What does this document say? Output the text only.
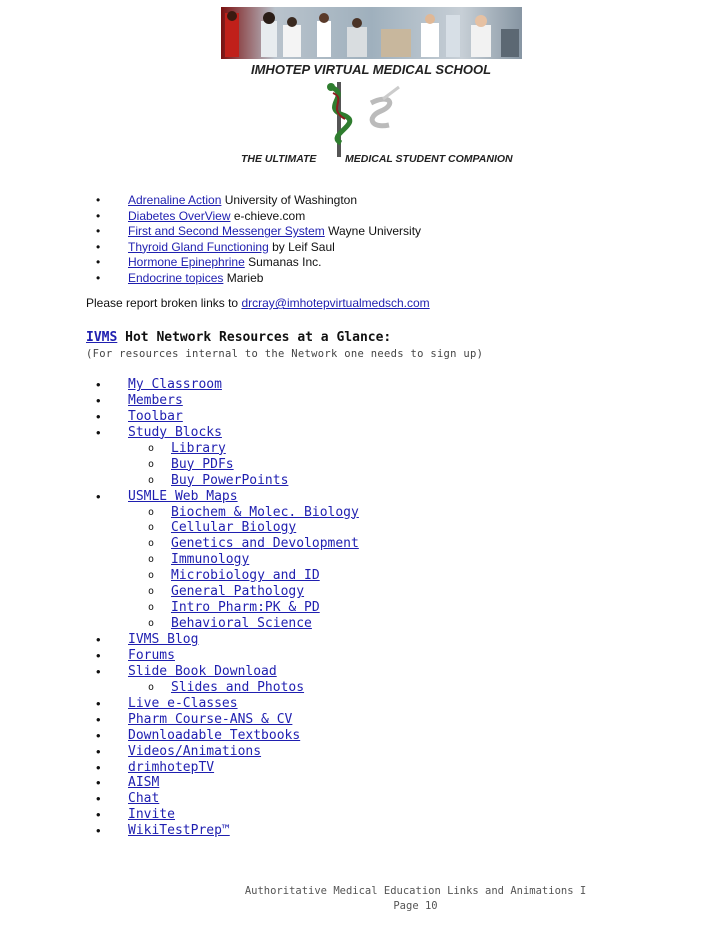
IMHOTEP VIRTUAL MEDICAL SCHOOL
THE ULTIMATE	MEDICAL STUDENT COMPANION
• Adrenaline Action University of Washington
• Diabetes OverView e-chieve.com
• First and Second Messenger System Wayne University
• Thyroid Gland Functioning by Leif Saul
• Hormone Epinephrine Sumanas Inc.
• Endocrine topices Marieb
Please report broken links to drcray@imhotepvirtualmedsch.com
IVMS Hot Network Resources at a Glance:
(For resources internal to the Network one needs to sign up)
• My Classroom
• Members
• Toolbar
• Study Blocks
o Library
o Buy PDFs
o Buy PowerPoints
• USMLE Web Maps
o Biochem & Molec. Biology
o Cellular Biology
o Genetics and Devolopment
o Immunology
o Microbiology and ID
o General Pathology
o Intro Pharm:PK & PD
o Behavioral Science
• IVMS Blog
• Forums
• Slide Book Download
o Slides and Photos
• Live e-Classes
• Pharm Course-ANS & CV
• Downloadable Textbooks
• Videos/Animations
• drimhotepTV
• AISM
• Chat
• Invite
• WikiTestPrep™
Authoritative Medical Education Links and Animations I
Page 10
